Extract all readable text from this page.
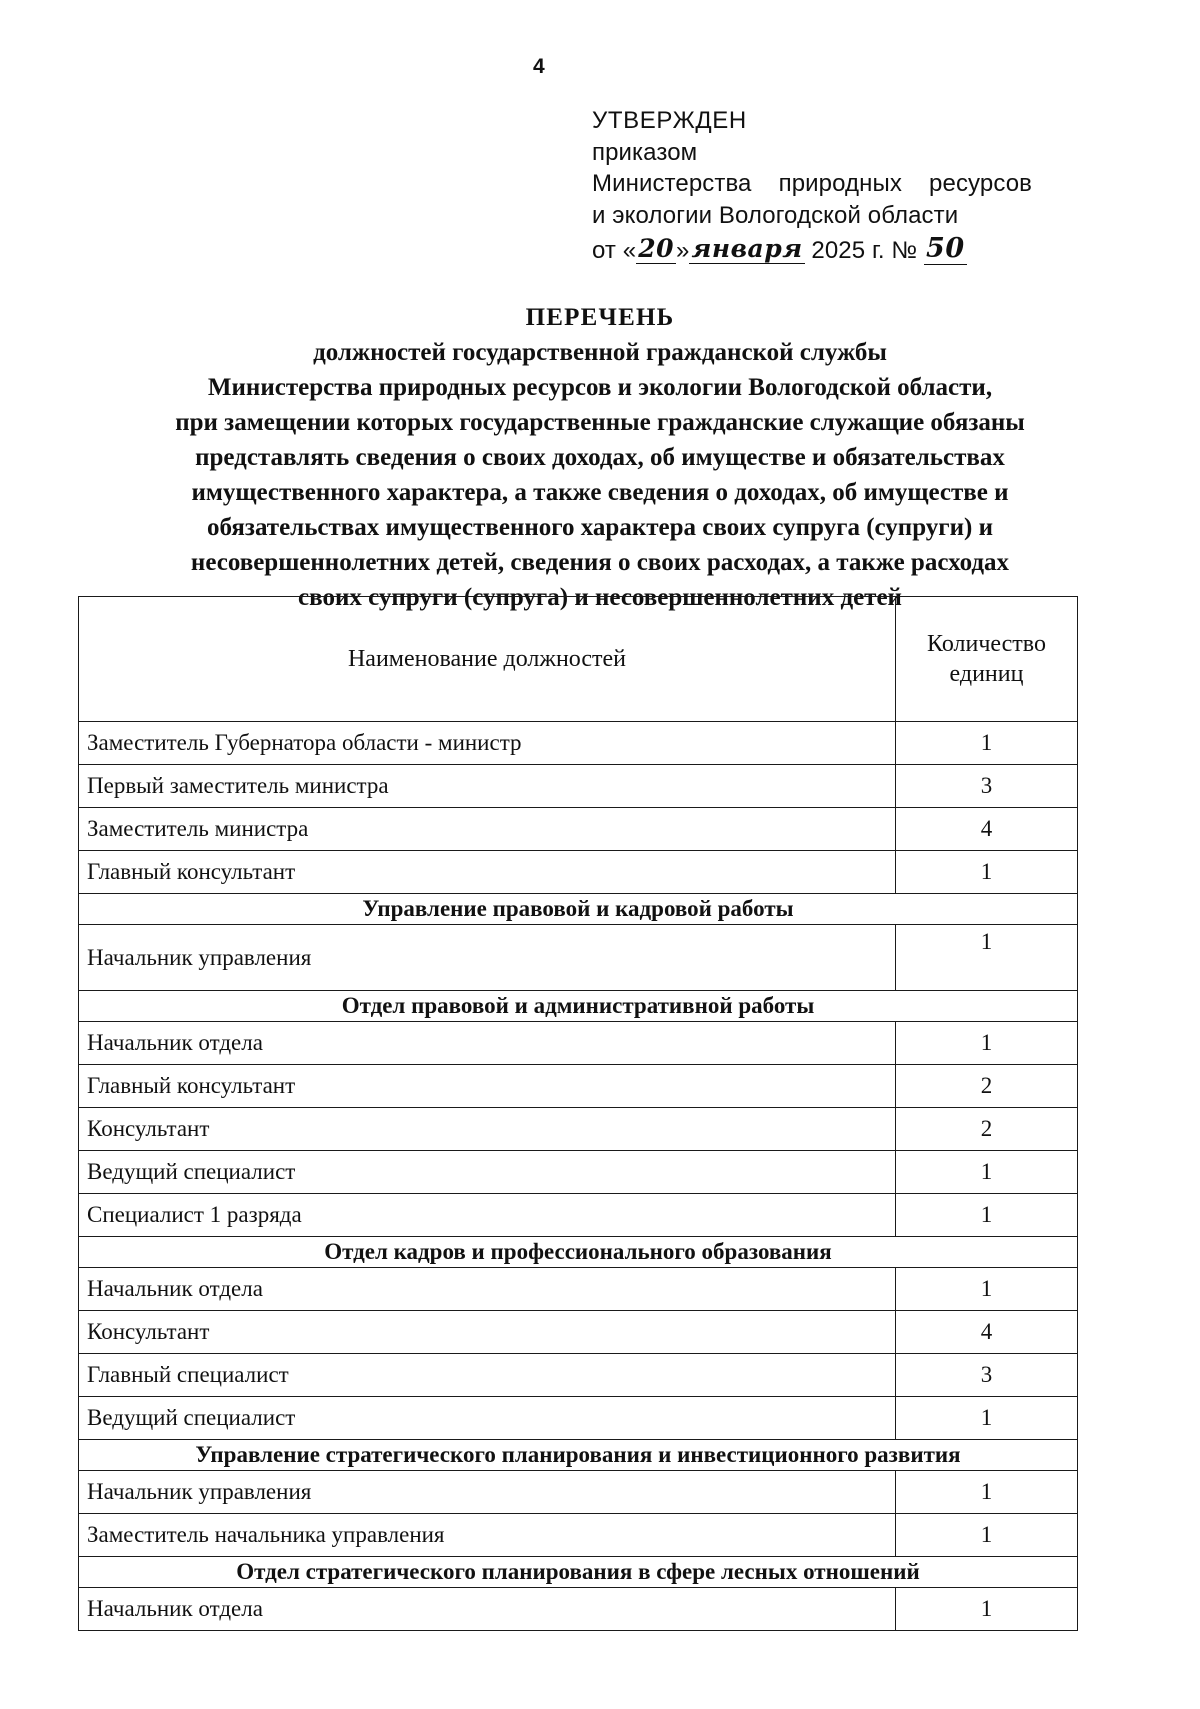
4
УТВЕРЖДЕН
приказом
Министерства природных ресурсов
и экологии Вологодской области
от «20»января 2025 г. № 50
ПЕРЕЧЕНЬ
должностей государственной гражданской службы
Министерства природных ресурсов и экологии Вологодской области,
при замещении которых государственные гражданские служащие обязаны
представлять сведения о своих доходах, об имуществе и обязательствах
имущественного характера, а также сведения о доходах, об имуществе и
обязательствах имущественного характера своих супруга (супруги) и
несовершеннолетних детей, сведения о своих расходах, а также расходах
своих супруги (супруга) и несовершеннолетних детей
Наименование должностей	Количество
единиц
Заместитель Губернатора области - министр	1
Первый заместитель министра	3
Заместитель министра	4
Главный консультант	1
Управление правовой и кадровой работы	
Начальник управления	1
Отдел правовой и административной работы	
Начальник отдела	1
Главный консультант	2
Консультант	2
Ведущий специалист	1
Специалист 1 разряда	1
Отдел кадров и профессионального образования	
Начальник отдела	1
Консультант	4
Главный специалист	3
Ведущий специалист	1
Управление стратегического планирования и инвестиционного развития	
Начальник управления	1
Заместитель начальника управления	1
Отдел стратегического планирования в сфере лесных отношений	
Начальник отдела	1
